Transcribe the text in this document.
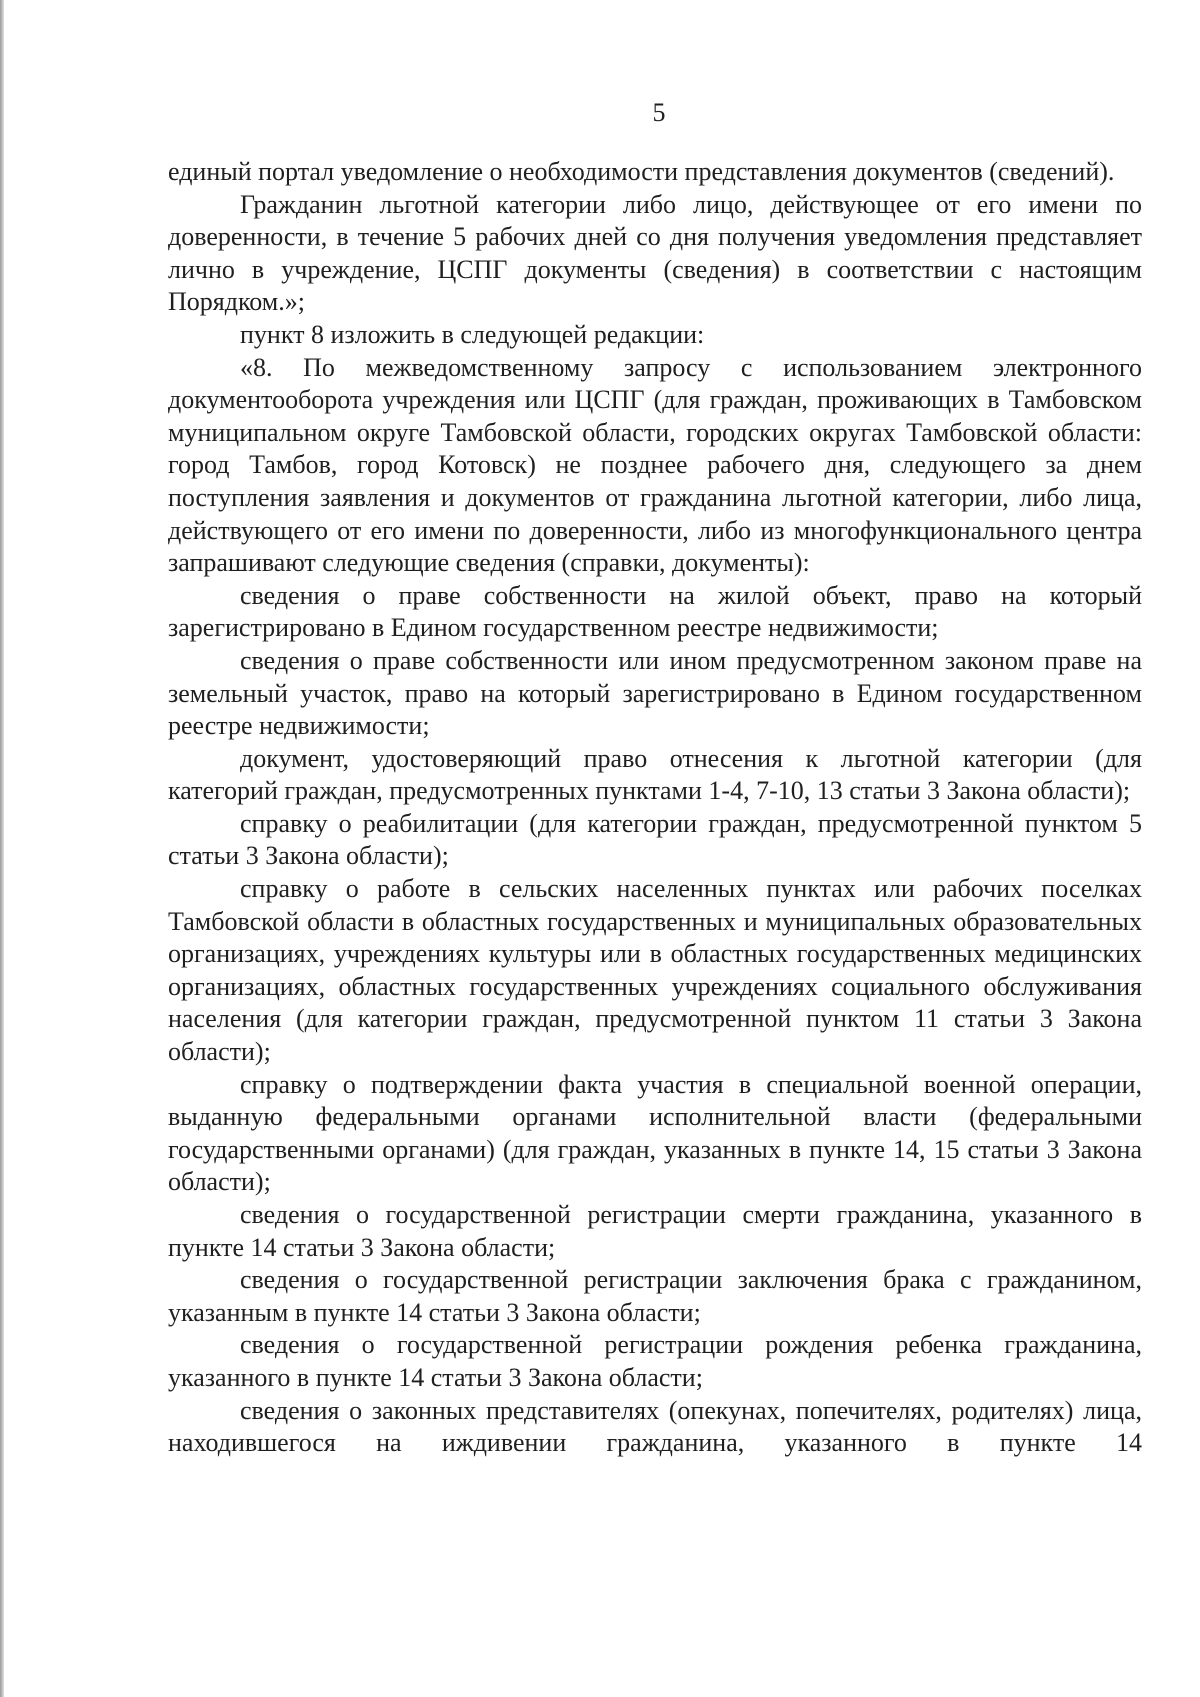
5

единый портал уведомление о необходимости представления документов (сведений).

Гражданин льготной категории либо лицо, действующее от его имени по доверенности, в течение 5 рабочих дней со дня получения уведомления представляет лично в учреждение, ЦСПГ документы (сведения) в соответствии с настоящим Порядком.»;

пункт 8 изложить в следующей редакции:

«8. По межведомственному запросу с использованием электронного документооборота учреждения или ЦСПГ (для граждан, проживающих в Тамбовском муниципальном округе Тамбовской области, городских округах Тамбовской области: город Тамбов, город Котовск) не позднее рабочего дня, следующего за днем поступления заявления и документов от гражданина льготной категории, либо лица, действующего от его имени по доверенности, либо из многофункционального центра запрашивают следующие сведения (справки, документы):

сведения о праве собственности на жилой объект, право на который зарегистрировано в Едином государственном реестре недвижимости;

сведения о праве собственности или ином предусмотренном законом праве на земельный участок, право на который зарегистрировано в Едином государственном реестре недвижимости;

документ, удостоверяющий право отнесения к льготной категории (для категорий граждан, предусмотренных пунктами 1-4, 7-10, 13 статьи 3 Закона области);

справку о реабилитации (для категории граждан, предусмотренной пунктом 5 статьи 3 Закона области);

справку о работе в сельских населенных пунктах или рабочих поселках Тамбовской области в областных государственных и муниципальных образовательных организациях, учреждениях культуры или в областных государственных медицинских организациях, областных государственных учреждениях социального обслуживания населения (для категории граждан, предусмотренной пунктом 11 статьи 3 Закона области);

справку о подтверждении факта участия в специальной военной операции, выданную федеральными органами исполнительной власти (федеральными государственными органами) (для граждан, указанных в пункте 14, 15 статьи 3 Закона области);

сведения о государственной регистрации смерти гражданина, указанного в пункте 14 статьи 3 Закона области;

сведения о государственной регистрации заключения брака с гражданином, указанным в пункте 14 статьи 3 Закона области;

сведения о государственной регистрации рождения ребенка гражданина, указанного в пункте 14 статьи 3 Закона области;

сведения о законных представителях (опекунах, попечителях, родителях) лица, находившегося на иждивении гражданина, указанного в пункте 14
